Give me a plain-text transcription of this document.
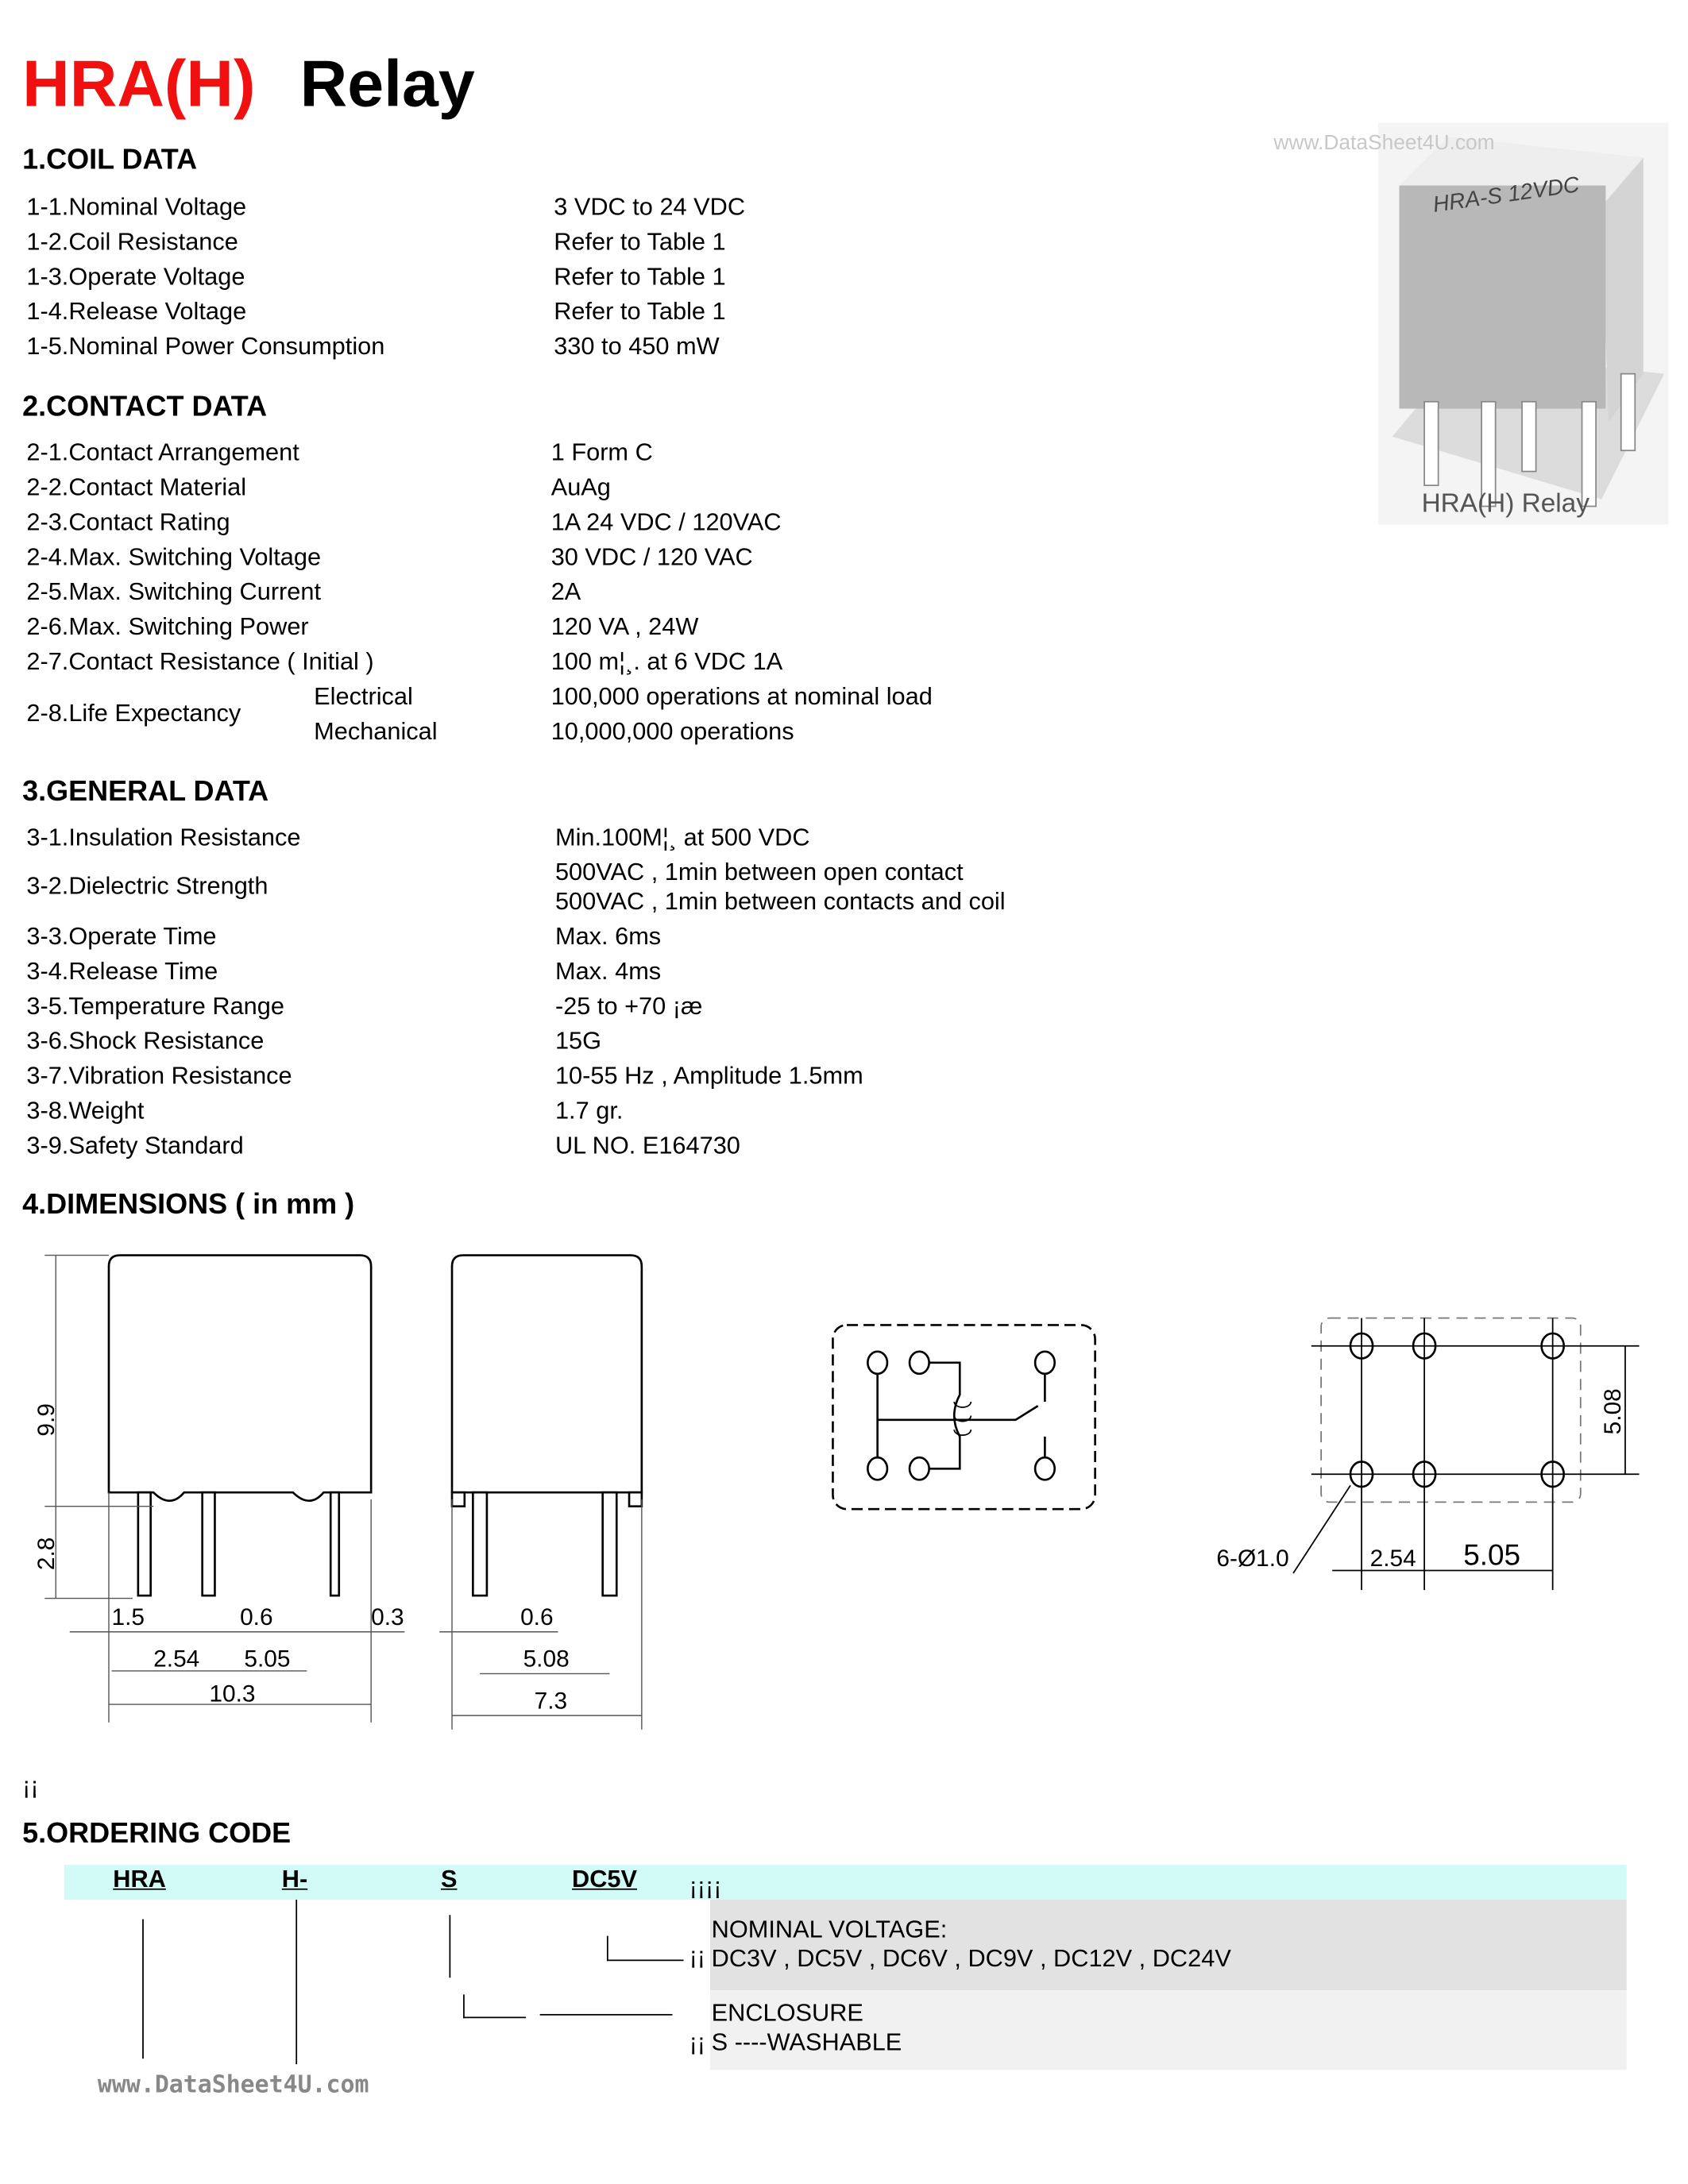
HRA(H) Relay
HRA-S 12VDC
www.DataSheet4U.com
HRA(H) Relay
1.COIL DATA
1-1.Nominal Voltage	3 VDC to 24 VDC
1-2.Coil Resistance	Refer to Table 1
1-3.Operate Voltage	Refer to Table 1
1-4.Release Voltage	Refer to Table 1
1-5.Nominal Power Consumption	330 to 450 mW
2.CONTACT DATA
2-1.Contact Arrangement	1 Form C
2-2.Contact Material	AuAg
2-3.Contact Rating	1A 24 VDC / 120VAC
2-4.Max. Switching Voltage	30 VDC / 120 VAC
2-5.Max. Switching Current	2A
2-6.Max. Switching Power	120 VA , 24W
2-7.Contact Resistance ( Initial )	100 m¦¸. at 6 VDC 1A
2-8.Life Expectancy
Electrical	100,000 operations at nominal load
Mechanical	10,000,000 operations
3.GENERAL DATA
3-1.Insulation Resistance	Min.100M¦¸ at 500 VDC
3-2.Dielectric Strength	500VAC , 1min between open contact
500VAC , 1min between contacts and coil
3-3.Operate Time	Max. 6ms
3-4.Release Time	Max. 4ms
3-5.Temperature Range	-25 to +70 ¡æ
3-6.Shock Resistance	15G
3-7.Vibration Resistance	10-55 Hz , Amplitude 1.5mm
3-8.Weight	1.7 gr.
3-9.Safety Standard	UL NO. E164730
4.DIMENSIONS ( in mm )
9.9
2.8
1.5	0.6	0.3
2.54	5.05
10.3
0.6
5.08
7.3
6-Ø1.0	2.54	5.05
5.08
¡¡
5.ORDERING CODE
HRA	H-	S	DC5V	¡¡¡¡
¡¡
NOMINAL VOLTAGE:
DC3V , DC5V , DC6V , DC9V , DC12V , DC24V
¡¡
ENCLOSURE
S ----WASHABLE
www.DataSheet4U.com
